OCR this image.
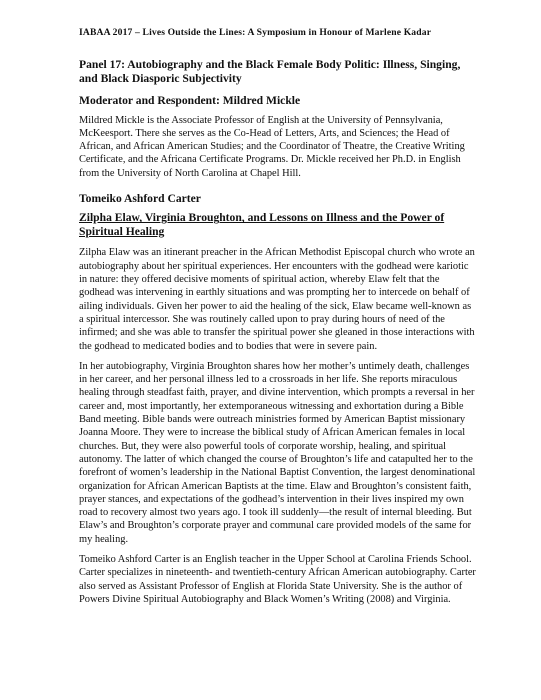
IABAA 2017 – Lives Outside the Lines: A Symposium in Honour of Marlene Kadar
Panel 17: Autobiography and the Black Female Body Politic: Illness, Singing, and Black Diasporic Subjectivity
Moderator and Respondent: Mildred Mickle

Mildred Mickle is the Associate Professor of English at the University of Pennsylvania, McKeesport. There she serves as the Co-Head of Letters, Arts, and Sciences; the Head of African, and African American Studies; and the Coordinator of Theatre, the Creative Writing Certificate, and the Africana Certificate Programs. Dr. Mickle received her Ph.D. in English from the University of North Carolina at Chapel Hill.

Tomeiko Ashford Carter
Zilpha Elaw, Virginia Broughton, and Lessons on Illness and the Power of Spiritual Healing

Zilpha Elaw was an itinerant preacher in the African Methodist Episcopal church who wrote an autobiography about her spiritual experiences. Her encounters with the godhead were kariotic in nature: they offered decisive moments of spiritual action, whereby Elaw felt that the godhead was intervening in earthly situations and was prompting her to intercede on behalf of ailing individuals. Given her power to aid the healing of the sick, Elaw became well-known as a spiritual intercessor. She was routinely called upon to pray during hours of need of the infirmed; and she was able to transfer the spiritual power she gleaned in those interactions with the godhead to medicated bodies and to bodies that were in severe pain.

In her autobiography, Virginia Broughton shares how her mother’s untimely death, challenges in her career, and her personal illness led to a crossroads in her life. She reports miraculous healing through steadfast faith, prayer, and divine intervention, which prompts a reversal in her career and, most importantly, her extemporaneous witnessing and exhortation during a Bible Band meeting. Bible bands were outreach ministries formed by American Baptist missionary Joanna Moore. They were to increase the biblical study of African American females in local churches. But, they were also powerful tools of corporate worship, healing, and spiritual autonomy. The latter of which changed the course of Broughton’s life and catapulted her to the forefront of women’s leadership in the National Baptist Convention, the largest denominational organization for African American Baptists at the time. Elaw and Broughton’s consistent faith, prayer stances, and expectations of the godhead’s intervention in their lives inspired my own road to recovery almost two years ago. I took ill suddenly—the result of internal bleeding. But Elaw’s and Broughton’s corporate prayer and communal care provided models of the same for my healing.

Tomeiko Ashford Carter is an English teacher in the Upper School at Carolina Friends School. Carter specializes in nineteenth- and twentieth-century African American autobiography. Carter also served as Assistant Professor of English at Florida State University. She is the author of Powers Divine Spiritual Autobiography and Black Women’s Writing (2008) and Virginia.
